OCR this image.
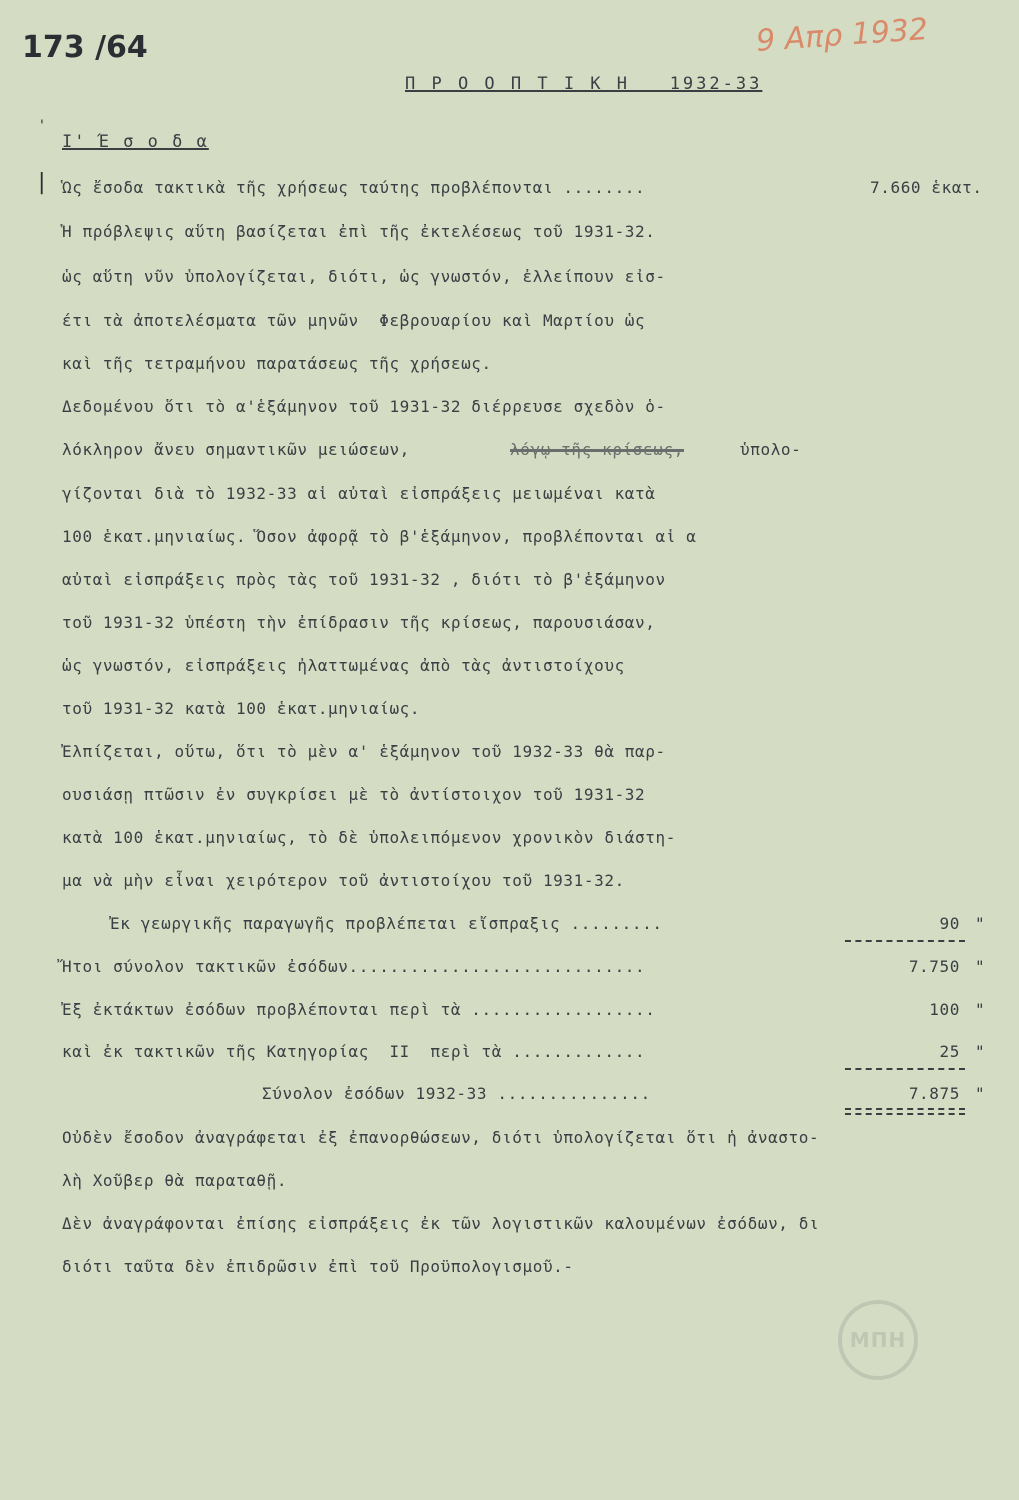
173 /64	9 Απρ 1932
Π Ρ Ο Ο Π Τ Ι Κ Η   1932-33
Ι' Έ σ ο δ α
'
| Ὡς ἔσοδα τακτικὰ τῆς χρήσεως ταύτης προβλέπονται ........	7.660 ἑκατ.
Ἡ πρόβλεψις αὕτη βασίζεται ἐπὶ τῆς ἐκτελέσεως τοῦ 1931-32.
ὡς αὕτη νῦν ὑπολογίζεται, διότι, ὡς γνωστόν, ἐλλείπουν εἰσ-
έτι τὰ ἀποτελέσματα τῶν μηνῶν  Φεβρουαρίου καὶ Μαρτίου ὡς
καὶ τῆς τετραμήνου παρατάσεως τῆς χρήσεως.
Δεδομένου ὅτι τὸ α'ἑξάμηνον τοῦ 1931-32 διέρρευσε σχεδὸν ὁ-
λόκληρον ἄνευ σημαντικῶν μειώσεων,	λόγῳ τῆς κρίσεως,	ὑπολο-
γίζονται διὰ τὸ 1932-33 αἱ αὐταὶ εἰσπράξεις μειωμέναι κατὰ
100 ἑκατ.μηνιαίως. Ὅσον ἀφορᾷ τὸ β'ἑξάμηνον, προβλέπονται αἱ α
αὐταὶ εἰσπράξεις πρὸς τὰς τοῦ 1931-32 , διότι τὸ β'ἑξάμηνον
τοῦ 1931-32 ὑπέστη τὴν ἐπίδρασιν τῆς κρίσεως, παρουσιάσαν,
ὡς γνωστόν, εἰσπράξεις ἠλαττωμένας ἀπὸ τὰς ἀντιστοίχους
τοῦ 1931-32 κατὰ 100 ἑκατ.μηνιαίως.
Ἐλπίζεται, οὕτω, ὅτι τὸ μὲν α' ἑξάμηνον τοῦ 1932-33 θὰ παρ-
ουσιάσῃ πτῶσιν ἐν συγκρίσει μὲ τὸ ἀντίστοιχον τοῦ 1931-32
κατὰ 100 ἑκατ.μηνιαίως, τὸ δὲ ὑπολειπόμενον χρονικὸν διάστη-
μα νὰ μὴν εἶναι χειρότερον τοῦ ἀντιστοίχου τοῦ 1931-32.
Ἐκ γεωργικῆς παραγωγῆς προβλέπεται εἴσπραξις .........	90 "
Ἤτοι σύνολον τακτικῶν ἐσόδων.............................	7.750 "
Ἐξ ἐκτάκτων ἐσόδων προβλέπονται περὶ τὰ ..................	100 "
καὶ ἐκ τακτικῶν τῆς Κατηγορίας  ΙΙ  περὶ τὰ .............	25 "
Σύνολον ἐσόδων 1932-33 ...............	7.875 "
Οὐδὲν ἔσοδον ἀναγράφεται ἐξ ἐπανορθώσεων, διότι ὑπολογίζεται ὅτι ἡ ἀναστο-
λὴ Χοῦβερ θὰ παραταθῇ.
Δὲν ἀναγράφονται ἐπίσης εἰσπράξεις ἐκ τῶν λογιστικῶν καλουμένων ἐσόδων, δι
διότι ταῦτα δὲν ἐπιδρῶσιν ἐπὶ τοῦ Προϋπολογισμοῦ.-
ΜΠΗ
